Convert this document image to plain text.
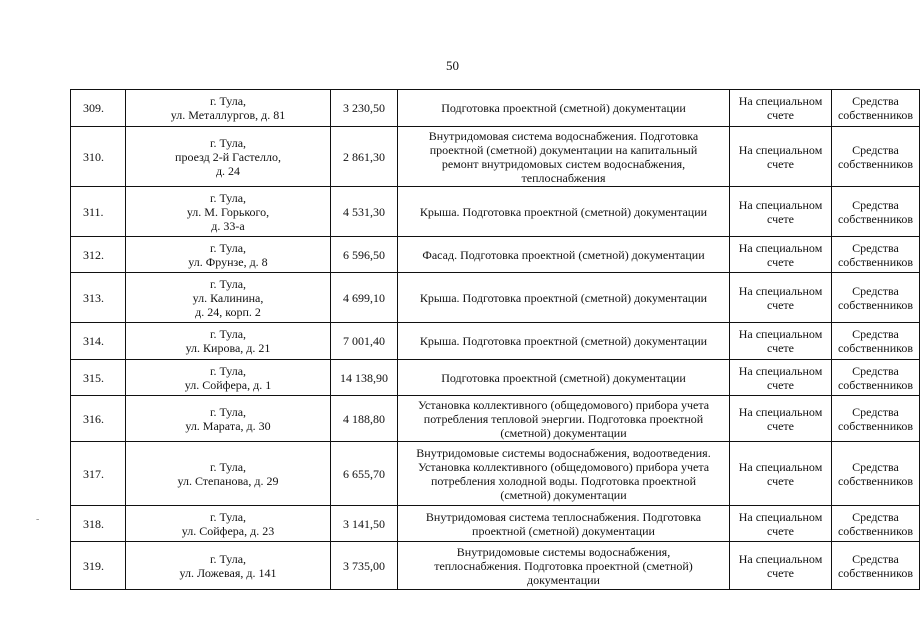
50
309.	г. Тула,
ул. Металлургов, д. 81	3 230,50	Подготовка проектной (сметной) документации	На специальном
счете	Средства
собственников

310.	г. Тула,
проезд 2-й Гастелло,
д. 24	2 861,30	Внутридомовая система водоснабжения. Подготовка
проектной (сметной) документации на капитальный
ремонт внутридомовых систем водоснабжения,
теплоснабжения	На специальном
счете	Средства
собственников

311.	г. Тула,
ул. М. Горького,
д. 33-а	4 531,30	Крыша. Подготовка проектной (сметной) документации	На специальном
счете	Средства
собственников

312.	г. Тула,
ул. Фрунзе, д. 8	6 596,50	Фасад. Подготовка проектной (сметной) документации	На специальном
счете	Средства
собственников

313.	г. Тула,
ул. Калинина,
д. 24, корп. 2	4 699,10	Крыша. Подготовка проектной (сметной) документации	На специальном
счете	Средства
собственников

314.	г. Тула,
ул. Кирова, д. 21	7 001,40	Крыша. Подготовка проектной (сметной) документации	На специальном
счете	Средства
собственников

315.	г. Тула,
ул. Сойфера, д. 1	14 138,90	Подготовка проектной (сметной) документации	На специальном
счете	Средства
собственников

316.	г. Тула,
ул. Марата, д. 30	4 188,80	Установка коллективного (общедомового) прибора учета
потребления тепловой энергии. Подготовка проектной
(сметной) документации	На специальном
счете	Средства
собственников

317.	г. Тула,
ул. Степанова, д. 29	6 655,70	Внутридомовые системы водоснабжения, водоотведения.
Установка коллективного (общедомового) прибора учета
потребления холодной воды. Подготовка проектной
(сметной) документации	На специальном
счете	Средства
собственников

318.	г. Тула,
ул. Сойфера, д. 23	3 141,50	Внутридомовая система теплоснабжения. Подготовка
проектной (сметной) документации	На специальном
счете	Средства
собственников

319.	г. Тула,
ул. Ложевая, д. 141	3 735,00	Внутридомовые системы водоснабжения,
теплоснабжения. Подготовка проектной (сметной)
документации	На специальном
счете	Средства
собственников
-
